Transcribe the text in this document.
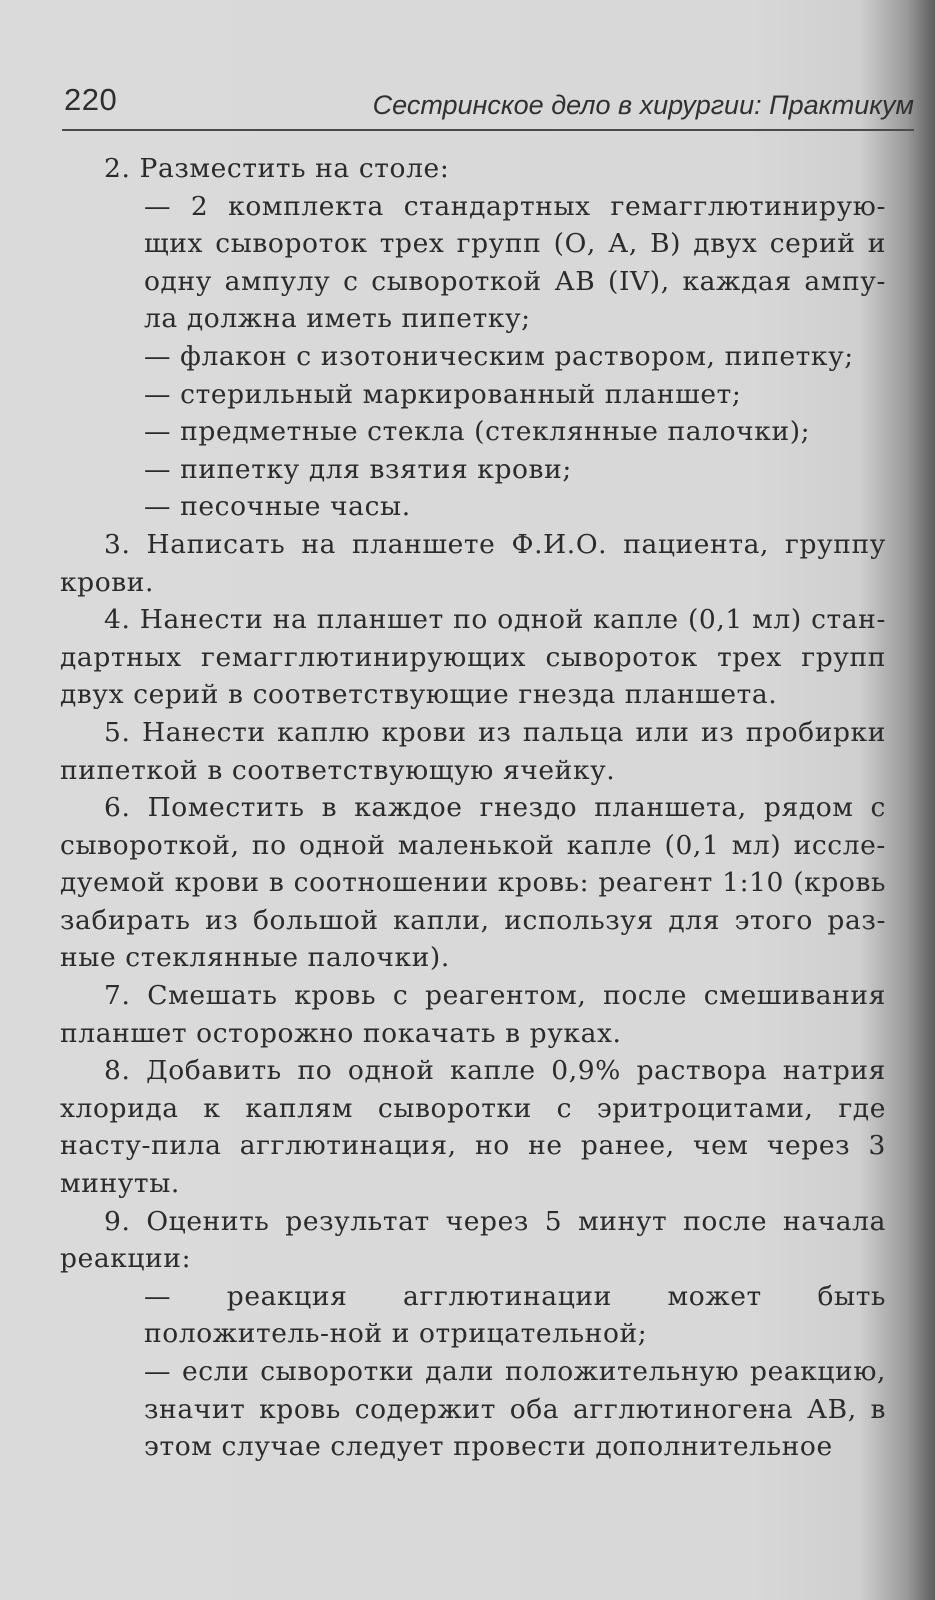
220	Сестринское дело в хирургии: Практикум

2. Разместить на столе:

— 2 комплекта стандартных гемагглютинирую-щих сывороток трех групп (О, А, В) двух серий и одну ампулу с сывороткой АВ (IV), каждая ампу-ла должна иметь пипетку;
— флакон с изотоническим раствором, пипетку;
— стерильный маркированный планшет;
— предметные стекла (стеклянные палочки);
— пипетку для взятия крови;
— песочные часы.

3. Написать на планшете Ф.И.О. пациента, группу крови.

4. Нанести на планшет по одной капле (0,1 мл) стан-дартных гемагглютинирующих сывороток трех групп двух серий в соответствующие гнезда планшета.

5. Нанести каплю крови из пальца или из пробирки пипеткой в соответствующую ячейку.

6. Поместить в каждое гнездо планшета, рядом с сывороткой, по одной маленькой капле (0,1 мл) иссле-дуемой крови в соотношении кровь: реагент 1:10 (кровь забирать из большой капли, используя для этого раз-ные стеклянные палочки).

7. Смешать кровь с реагентом, после смешивания планшет осторожно покачать в руках.

8. Добавить по одной капле 0,9% раствора натрия хлорида к каплям сыворотки с эритроцитами, где насту-пила агглютинация, но не ранее, чем через 3 минуты.

9. Оценить результат через 5 минут после начала реакции:

— реакция агглютинации может быть положитель-ной и отрицательной;
— если сыворотки дали положительную реакцию, значит кровь содержит оба агглютиногена АВ, в этом случае следует провести дополнительное
